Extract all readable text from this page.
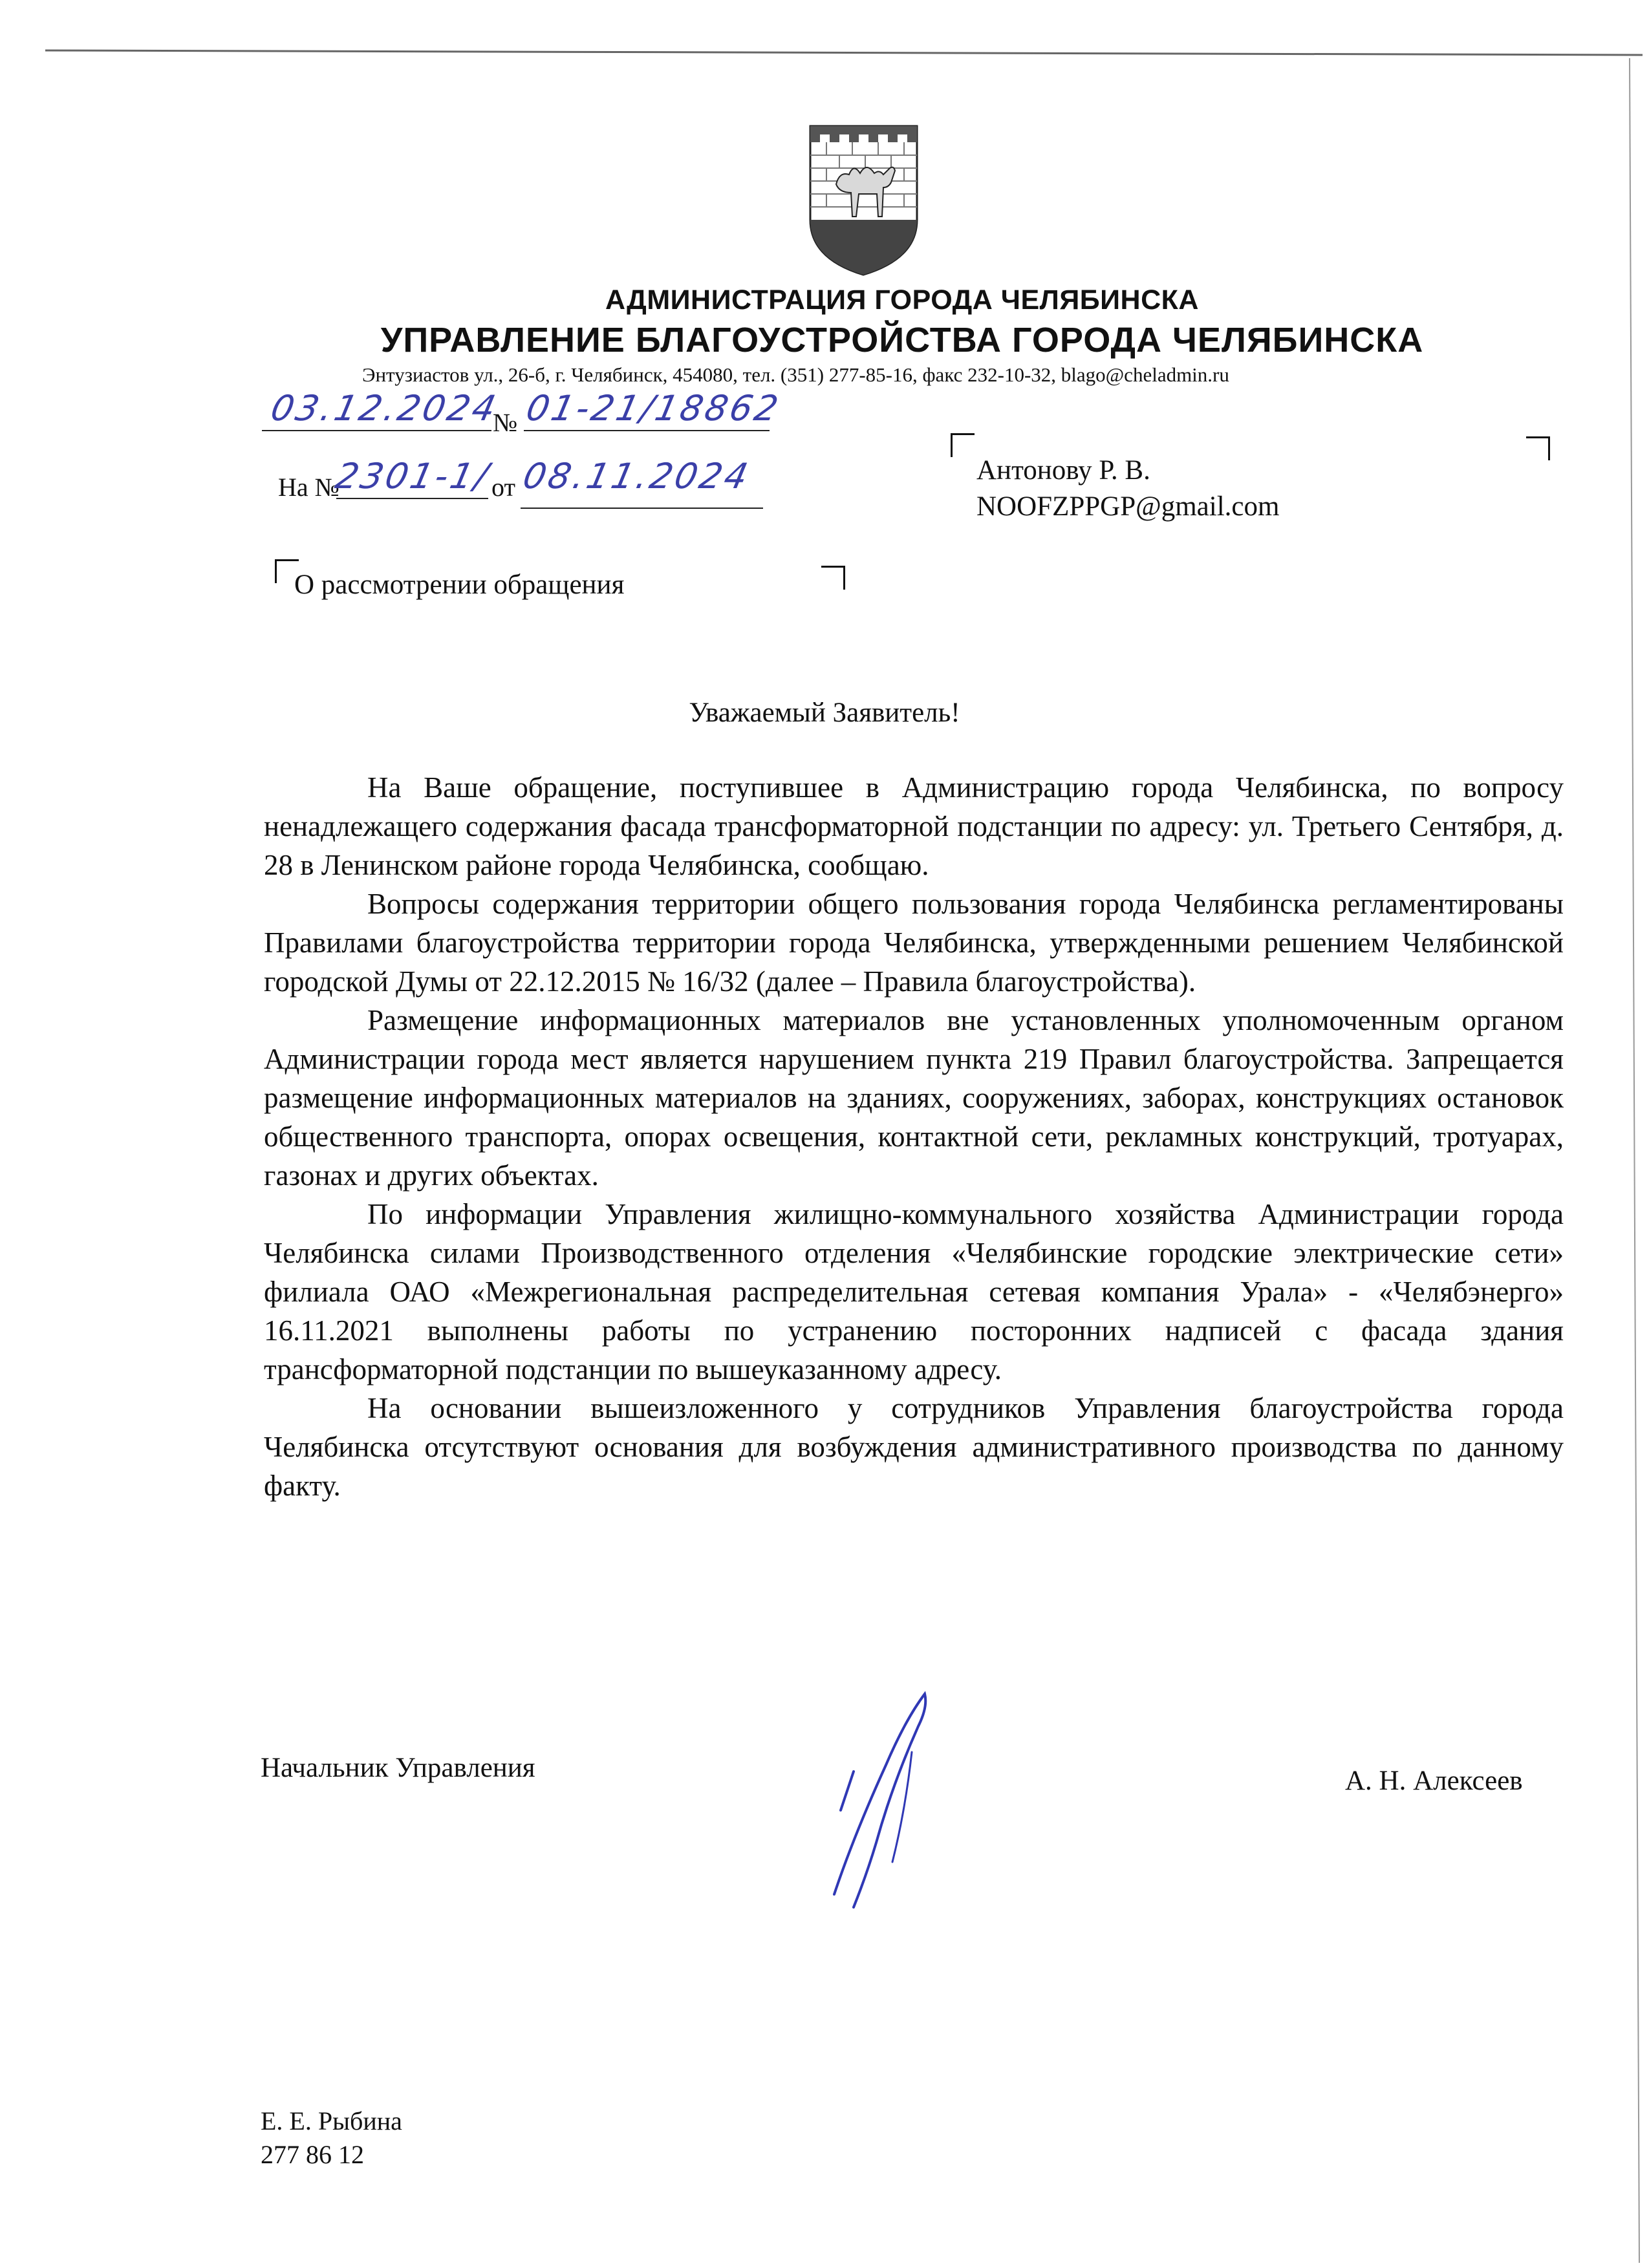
АДМИНИСТРАЦИЯ ГОРОДА ЧЕЛЯБИНСКА
УПРАВЛЕНИЕ БЛАГОУСТРОЙСТВА ГОРОДА ЧЕЛЯБИНСКА
Энтузиастов ул., 26-б, г. Челябинск, 454080, тел. (351) 277-85-16, факс 232-10-32, blago@cheladmin.ru
03.12.2024
№ 01-21/18862
На №
2301-1/
от 08.11.2024	Антонову Р. В.
NOOFZPPGP@gmail.com
О рассмотрении обращения
Уважаемый Заявитель!

На Ваше обращение, поступившее в Администрацию города Челябинска, по вопросу ненадлежащего содержания фасада трансформаторной подстанции по адресу: ул. Третьего Сентября, д. 28 в Ленинском районе города Челябинска, сообщаю.

Вопросы содержания территории общего пользования города Челябинска регламентированы Правилами благоустройства территории города Челябинска, утвержденными решением Челябинской городской Думы от 22.12.2015 № 16/32 (далее – Правила благоустройства).

Размещение информационных материалов вне установленных уполномоченным органом Администрации города мест является нарушением пункта 219 Правил благоустройства. Запрещается размещение информационных материалов на зданиях, сооружениях, заборах, конструкциях остановок общественного транспорта, опорах освещения, контактной сети, рекламных конструкций, тротуарах, газонах и других объектах.

По информации Управления жилищно-коммунального хозяйства Администрации города Челябинска силами Производственного отделения «Челябинские городские электрические сети» филиала ОАО «Межрегиональная распределительная сетевая компания Урала» - «Челябэнерго» 16.11.2021 выполнены работы по устранению посторонних надписей с фасада здания трансформаторной подстанции по вышеуказанному адресу.

На основании вышеизложенного у сотрудников Управления благоустройства города Челябинска отсутствуют основания для возбуждения административного производства по данному факту.

Начальник Управления	А. Н. Алексеев
Е. Е. Рыбина
277 86 12
